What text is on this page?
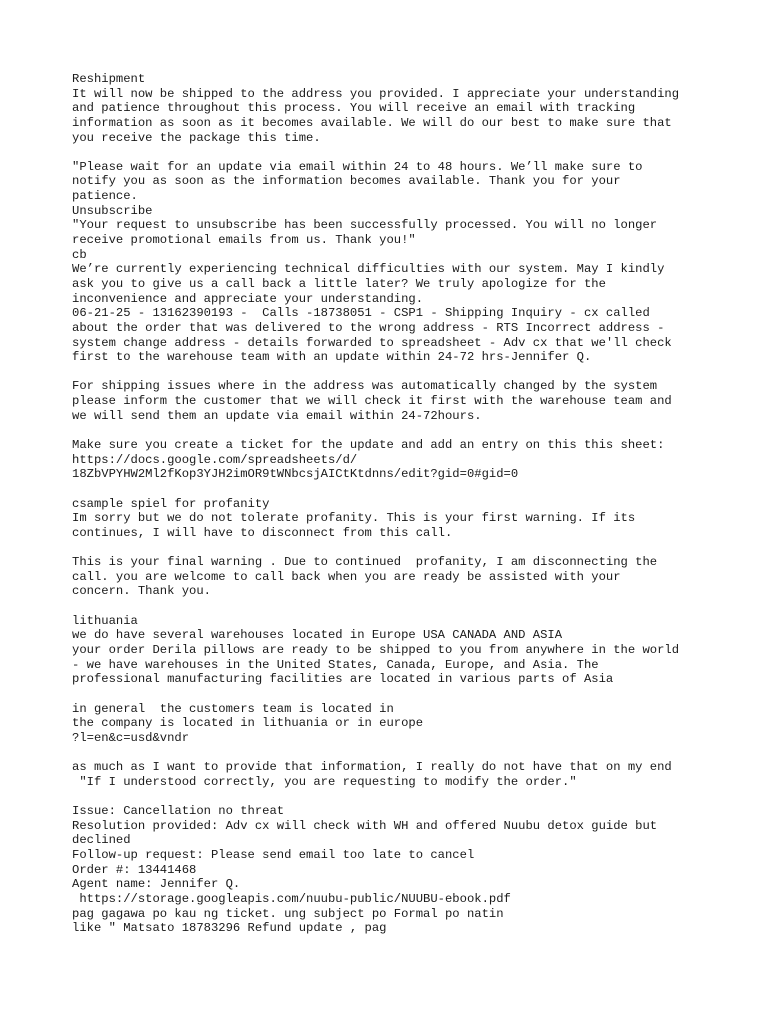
Reshipment
It will now be shipped to the address you provided. I appreciate your understanding
and patience throughout this process. You will receive an email with tracking
information as soon as it becomes available. We will do our best to make sure that
you receive the package this time.
"Please wait for an update via email within 24 to 48 hours. We’ll make sure to
notify you as soon as the information becomes available. Thank you for your
patience.
Unsubscribe
"Your request to unsubscribe has been successfully processed. You will no longer
receive promotional emails from us. Thank you!"
cb
We’re currently experiencing technical difficulties with our system. May I kindly
ask you to give us a call back a little later? We truly apologize for the
inconvenience and appreciate your understanding.
06-21-25 - 13162390193 -  Calls -18738051 - CSP1 - Shipping Inquiry - cx called
about the order that was delivered to the wrong address - RTS Incorrect address -
system change address - details forwarded to spreadsheet - Adv cx that we'll check
first to the warehouse team with an update within 24-72 hrs-Jennifer Q.
For shipping issues where in the address was automatically changed by the system
please inform the customer that we will check it first with the warehouse team and
we will send them an update via email within 24-72hours.
Make sure you create a ticket for the update and add an entry on this this sheet:
https://docs.google.com/spreadsheets/d/
18ZbVPYHW2Ml2fKop3YJH2imOR9tWNbcsjAICtKtdnns/edit?gid=0#gid=0
csample spiel for profanity
Im sorry but we do not tolerate profanity. This is your first warning. If its
continues, I will have to disconnect from this call.
This is your final warning . Due to continued  profanity, I am disconnecting the
call. you are welcome to call back when you are ready be assisted with your
concern. Thank you.
lithuania
we do have several warehouses located in Europe USA CANADA AND ASIA
your order Derila pillows are ready to be shipped to you from anywhere in the world
- we have warehouses in the United States, Canada, Europe, and Asia. The
professional manufacturing facilities are located in various parts of Asia
in general  the customers team is located in
the company is located in lithuania or in europe
?l=en&c=usd&vndr
as much as I want to provide that information, I really do not have that on my end
"If I understood correctly, you are requesting to modify the order."
Issue: Cancellation no threat
Resolution provided: Adv cx will check with WH and offered Nuubu detox guide but
declined
Follow-up request: Please send email too late to cancel
Order #: 13441468
Agent name: Jennifer Q.
https://storage.googleapis.com/nuubu-public/NUUBU-ebook.pdf
pag gagawa po kau ng ticket. ung subject po Formal po natin
like " Matsato 18783296 Refund update , pag
